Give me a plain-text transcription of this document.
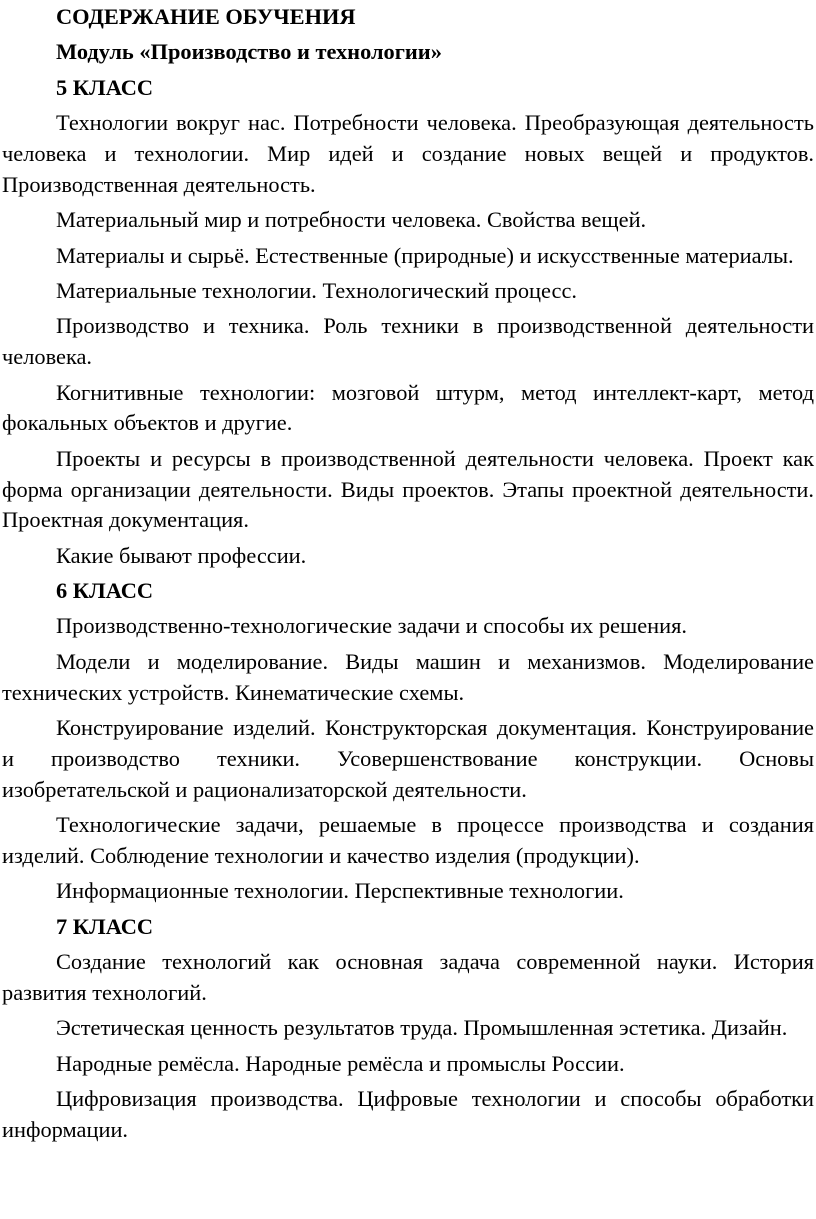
СОДЕРЖАНИЕ ОБУЧЕНИЯ
Модуль «Производство и технологии»
5 КЛАСС
Технологии вокруг нас. Потребности человека. Преобразующая деятельность человека и технологии. Мир идей и создание новых вещей и продуктов. Производственная деятельность.
Материальный мир и потребности человека. Свойства вещей.
Материалы и сырьё. Естественные (природные) и искусственные материалы.
Материальные технологии. Технологический процесс.
Производство и техника. Роль техники в производственной деятельности человека.
Когнитивные технологии: мозговой штурм, метод интеллект-карт, метод фокальных объектов и другие.
Проекты и ресурсы в производственной деятельности человека. Проект как форма организации деятельности. Виды проектов. Этапы проектной деятельности. Проектная документация.
Какие бывают профессии.
6 КЛАСС
Производственно-технологические задачи и способы их решения.
Модели и моделирование. Виды машин и механизмов. Моделирование технических устройств. Кинематические схемы.
Конструирование изделий. Конструкторская документация. Конструирование и производство техники. Усовершенствование конструкции. Основы изобретательской и рационализаторской деятельности.
Технологические задачи, решаемые в процессе производства и создания изделий. Соблюдение технологии и качество изделия (продукции).
Информационные технологии. Перспективные технологии.
7 КЛАСС
Создание технологий как основная задача современной науки. История развития технологий.
Эстетическая ценность результатов труда. Промышленная эстетика. Дизайн.
Народные ремёсла. Народные ремёсла и промыслы России.
Цифровизация производства. Цифровые технологии и способы обработки информации.
